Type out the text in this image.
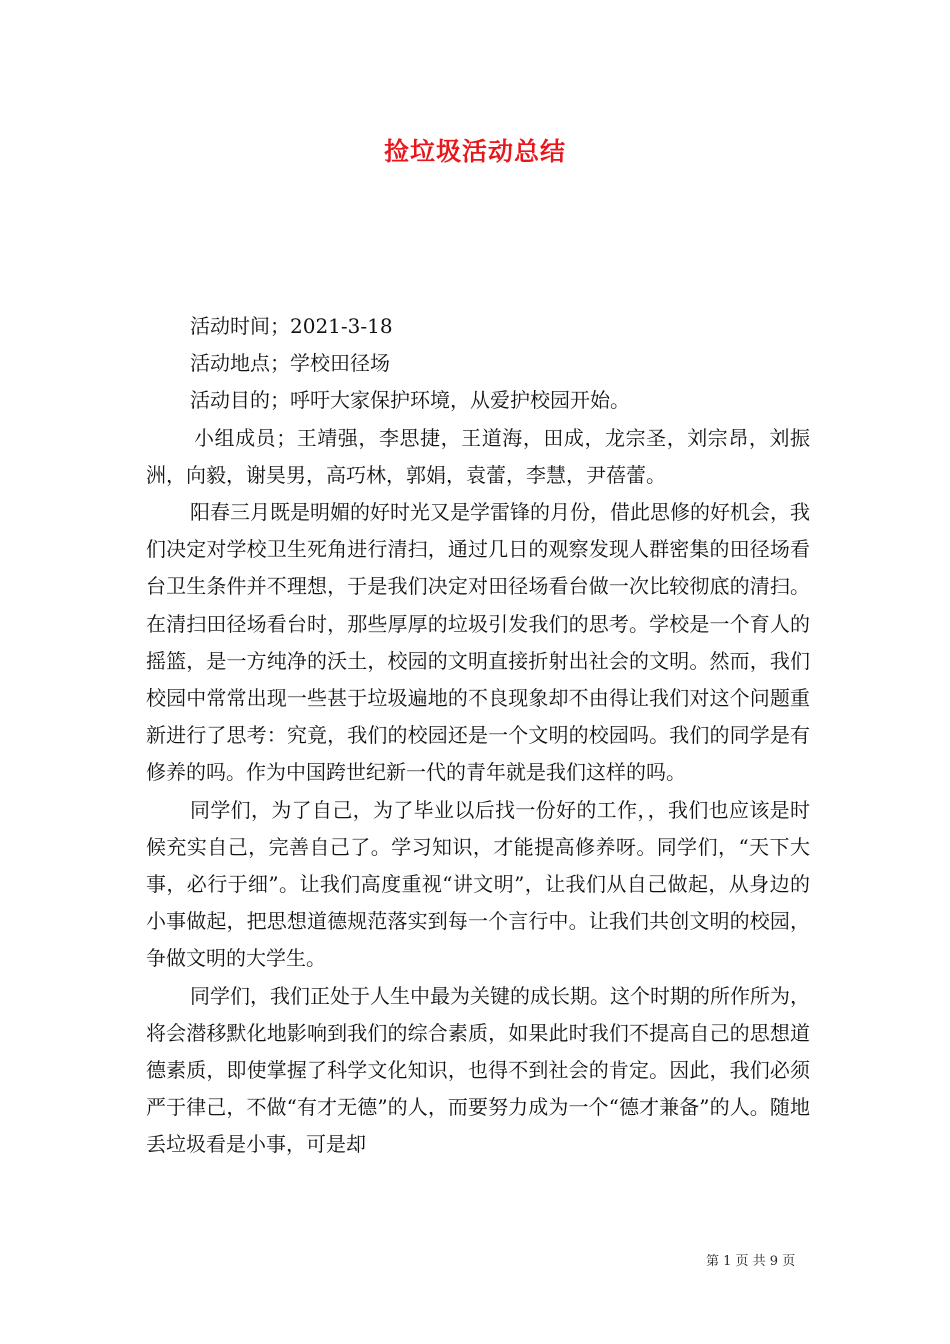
捡垃圾活动总结

活动时间；2021-3-18

活动地点；学校田径场

活动目的；呼吁大家保护环境，从爱护校园开始。

小组成员；王靖强，李思捷，王道海，田成，龙宗圣，刘宗昂，刘振洲，向毅，谢昊男，高巧林，郭娟，袁蕾，李慧，尹蓓蕾。

阳春三月既是明媚的好时光又是学雷锋的月份，借此思修的好机会，我们决定对学校卫生死角进行清扫，通过几日的观察发现人群密集的田径场看台卫生条件并不理想，于是我们决定对田径场看台做一次比较彻底的清扫。在清扫田径场看台时，那些厚厚的垃圾引发我们的思考。学校是一个育人的摇篮，是一方纯净的沃土，校园的文明直接折射出社会的文明。然而，我们校园中常常出现一些甚于垃圾遍地的不良现象却不由得让我们对这个问题重新进行了思考：究竟，我们的校园还是一个文明的校园吗。我们的同学是有修养的吗。作为中国跨世纪新一代的青年就是我们这样的吗。

同学们，为了自己，为了毕业以后找一份好的工作，，我们也应该是时候充实自己，完善自己了。学习知识，才能提高修养呀。同学们，“天下大事，必行于细”。让我们高度重视“讲文明”，让我们从自己做起，从身边的小事做起，把思想道德规范落实到每一个言行中。让我们共创文明的校园，争做文明的大学生。

同学们，我们正处于人生中最为关键的成长期。这个时期的所作所为，将会潜移默化地影响到我们的综合素质，如果此时我们不提高自己的思想道德素质，即使掌握了科学文化知识，也得不到社会的肯定。因此，我们必须严于律己，不做“有才无德”的人，而要努力成为一个“德才兼备”的人。随地丢垃圾看是小事，可是却

第 1 页 共 9 页
